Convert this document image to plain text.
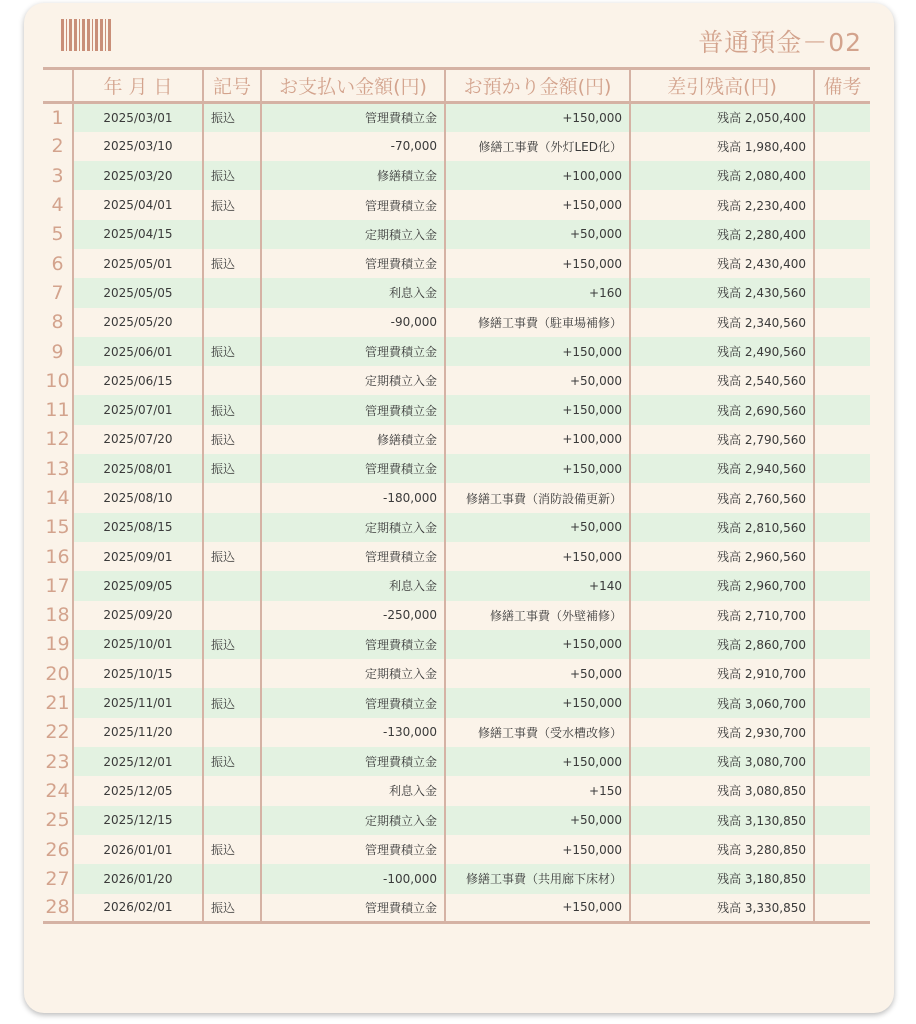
普通預金－02
	年 月 日	記号	お支払い金額(円)	お預かり金額(円)	差引残高(円)	備考
1	2025/03/01	振込	管理費積立金	+150,000	残高 2,050,400	
2	2025/03/10		-70,000	修繕工事費（外灯LED化）	残高 1,980,400	
3	2025/03/20	振込	修繕積立金	+100,000	残高 2,080,400	
4	2025/04/01	振込	管理費積立金	+150,000	残高 2,230,400	
5	2025/04/15		定期積立入金	+50,000	残高 2,280,400	
6	2025/05/01	振込	管理費積立金	+150,000	残高 2,430,400	
7	2025/05/05		利息入金	+160	残高 2,430,560	
8	2025/05/20		-90,000	修繕工事費（駐車場補修）	残高 2,340,560	
9	2025/06/01	振込	管理費積立金	+150,000	残高 2,490,560	
10	2025/06/15		定期積立入金	+50,000	残高 2,540,560	
11	2025/07/01	振込	管理費積立金	+150,000	残高 2,690,560	
12	2025/07/20	振込	修繕積立金	+100,000	残高 2,790,560	
13	2025/08/01	振込	管理費積立金	+150,000	残高 2,940,560	
14	2025/08/10		-180,000	修繕工事費（消防設備更新）	残高 2,760,560	
15	2025/08/15		定期積立入金	+50,000	残高 2,810,560	
16	2025/09/01	振込	管理費積立金	+150,000	残高 2,960,560	
17	2025/09/05		利息入金	+140	残高 2,960,700	
18	2025/09/20		-250,000	修繕工事費（外壁補修）	残高 2,710,700	
19	2025/10/01	振込	管理費積立金	+150,000	残高 2,860,700	
20	2025/10/15		定期積立入金	+50,000	残高 2,910,700	
21	2025/11/01	振込	管理費積立金	+150,000	残高 3,060,700	
22	2025/11/20		-130,000	修繕工事費（受水槽改修）	残高 2,930,700	
23	2025/12/01	振込	管理費積立金	+150,000	残高 3,080,700	
24	2025/12/05		利息入金	+150	残高 3,080,850	
25	2025/12/15		定期積立入金	+50,000	残高 3,130,850	
26	2026/01/01	振込	管理費積立金	+150,000	残高 3,280,850	
27	2026/01/20		-100,000	修繕工事費（共用廊下床材）	残高 3,180,850	
28	2026/02/01	振込	管理費積立金	+150,000	残高 3,330,850	
